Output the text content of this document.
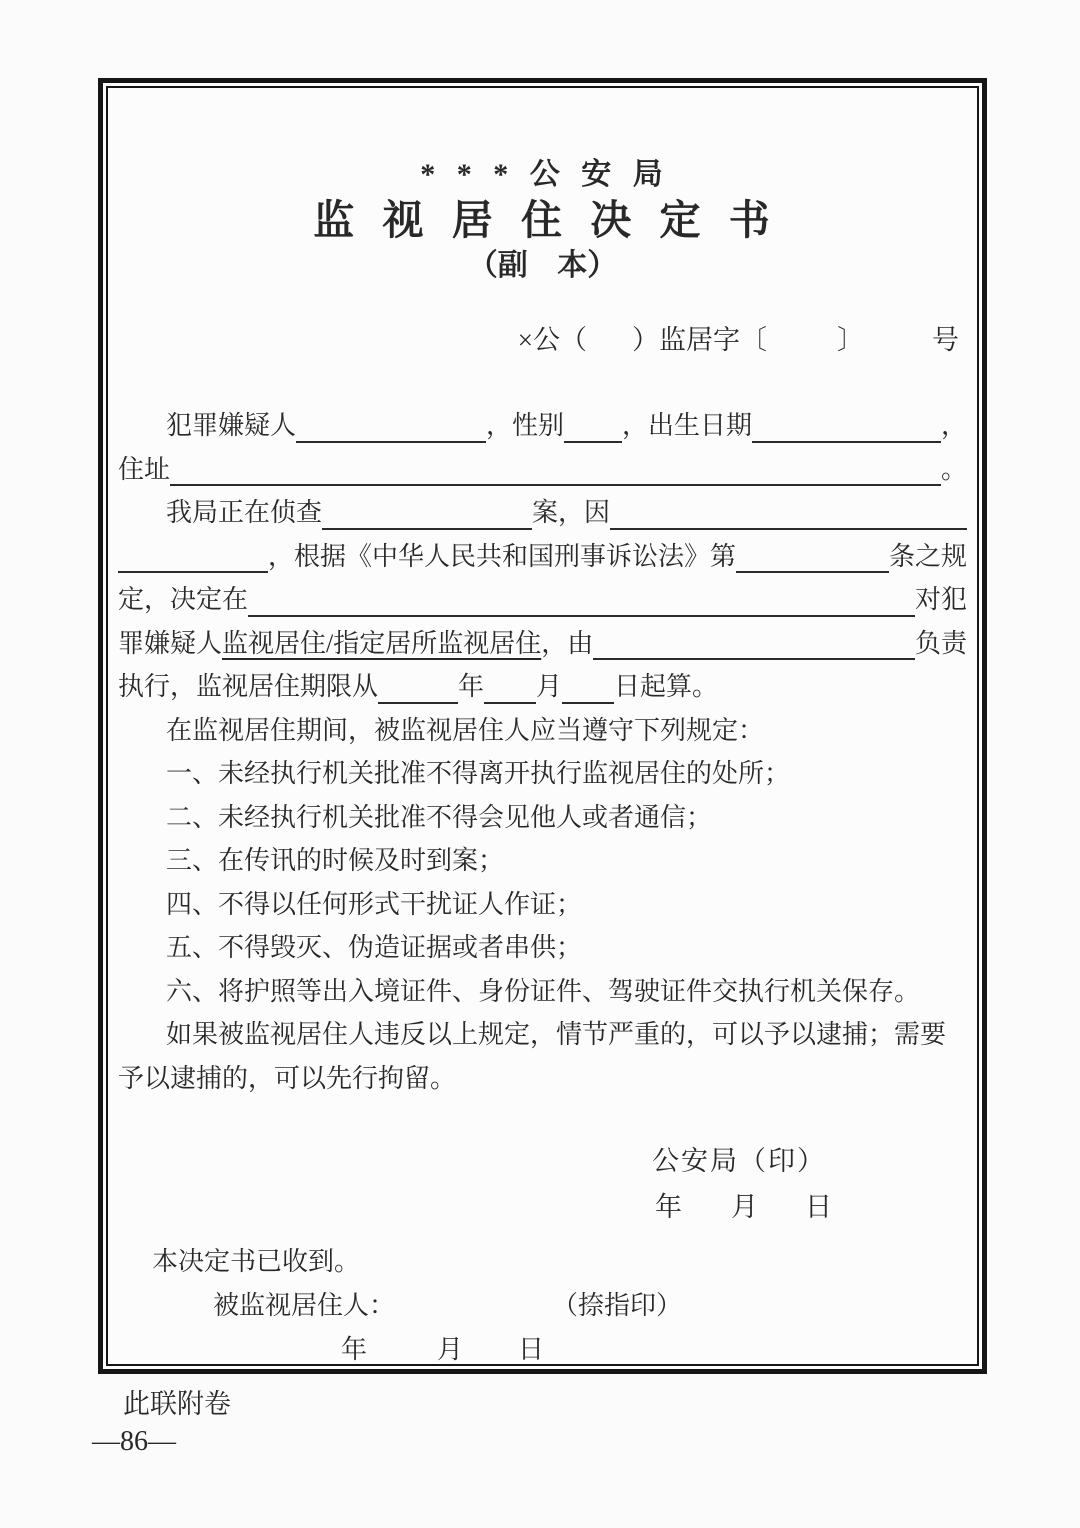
* * * 公 安 局
监 视 居 住 决 定 书
（副 本）
×公（ ）监居字〔	〕	号
犯罪嫌疑人	，性别 ，出生日期	，
住址	。
我局正在侦查	案，因
，根据《中华人民共和国刑事诉讼法》第	条之规
定，决定在	对犯
罪嫌疑人 监视居住/指定居所监视居住 ，由	负责
执行，监视居住期限从	年 月 日起算。
在监视居住期间，被监视居住人应当遵守下列规定：
一、未经执行机关批准不得离开执行监视居住的处所；
二、未经执行机关批准不得会见他人或者通信；
三、在传讯的时候及时到案；
四、不得以任何形式干扰证人作证；
五、不得毁灭、伪造证据或者串供；
六、将护照等出入境证件、身份证件、驾驶证件交执行机关保存。
如果被监视居住人违反以上规定，情节严重的，可以予以逮捕；需要
予以逮捕的，可以先行拘留。
公安局（印）
年 月 日
本决定书已收到。
被监视居住人：	（捺指印）
年	月 日
此联附卷
—86—
